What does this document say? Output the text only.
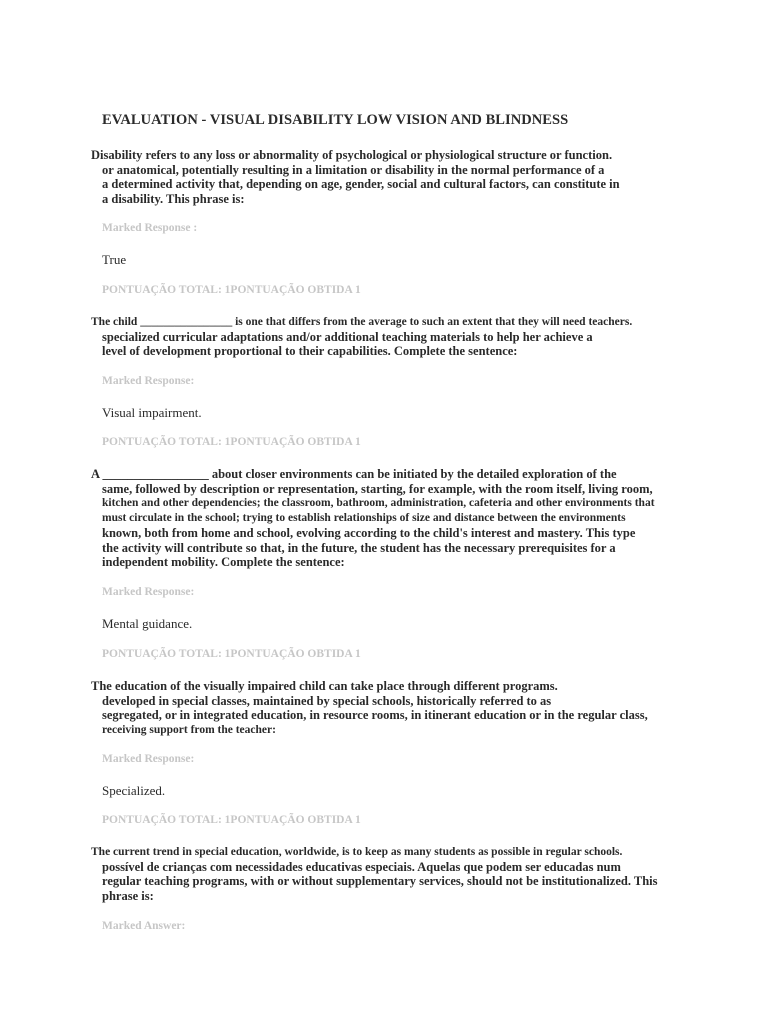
EVALUATION - VISUAL DISABILITY LOW VISION AND BLINDNESS
Disability refers to any loss or abnormality of psychological or physiological structure or function.
or anatomical, potentially resulting in a limitation or disability in the normal performance of a
a determined activity that, depending on age, gender, social and cultural factors, can constitute in
a disability. This phrase is:
Marked Response :
True
PONTUAÇÃO TOTAL: 1PONTUAÇÃO OBTIDA 1
The child ________________ is one that differs from the average to such an extent that they will need teachers.
specialized curricular adaptations and/or additional teaching materials to help her achieve a
level of development proportional to their capabilities. Complete the sentence:
Marked Response:
Visual impairment.
PONTUAÇÃO TOTAL: 1PONTUAÇÃO OBTIDA 1
A _________________ about closer environments can be initiated by the detailed exploration of the
same, followed by description or representation, starting, for example, with the room itself, living room,
kitchen and other dependencies; the classroom, bathroom, administration, cafeteria and other environments that
must circulate in the school; trying to establish relationships of size and distance between the environments
known, both from home and school, evolving according to the child's interest and mastery. This type
the activity will contribute so that, in the future, the student has the necessary prerequisites for a
independent mobility. Complete the sentence:
Marked Response:
Mental guidance.
PONTUAÇÃO TOTAL: 1PONTUAÇÃO OBTIDA 1
The education of the visually impaired child can take place through different programs.
developed in special classes, maintained by special schools, historically referred to as
segregated, or in integrated education, in resource rooms, in itinerant education or in the regular class,
receiving support from the teacher:
Marked Response:
Specialized.
PONTUAÇÃO TOTAL: 1PONTUAÇÃO OBTIDA 1
The current trend in special education, worldwide, is to keep as many students as possible in regular schools.
possível de crianças com necessidades educativas especiais. Aquelas que podem ser educadas num
regular teaching programs, with or without supplementary services, should not be institutionalized. This
phrase is:
Marked Answer:
